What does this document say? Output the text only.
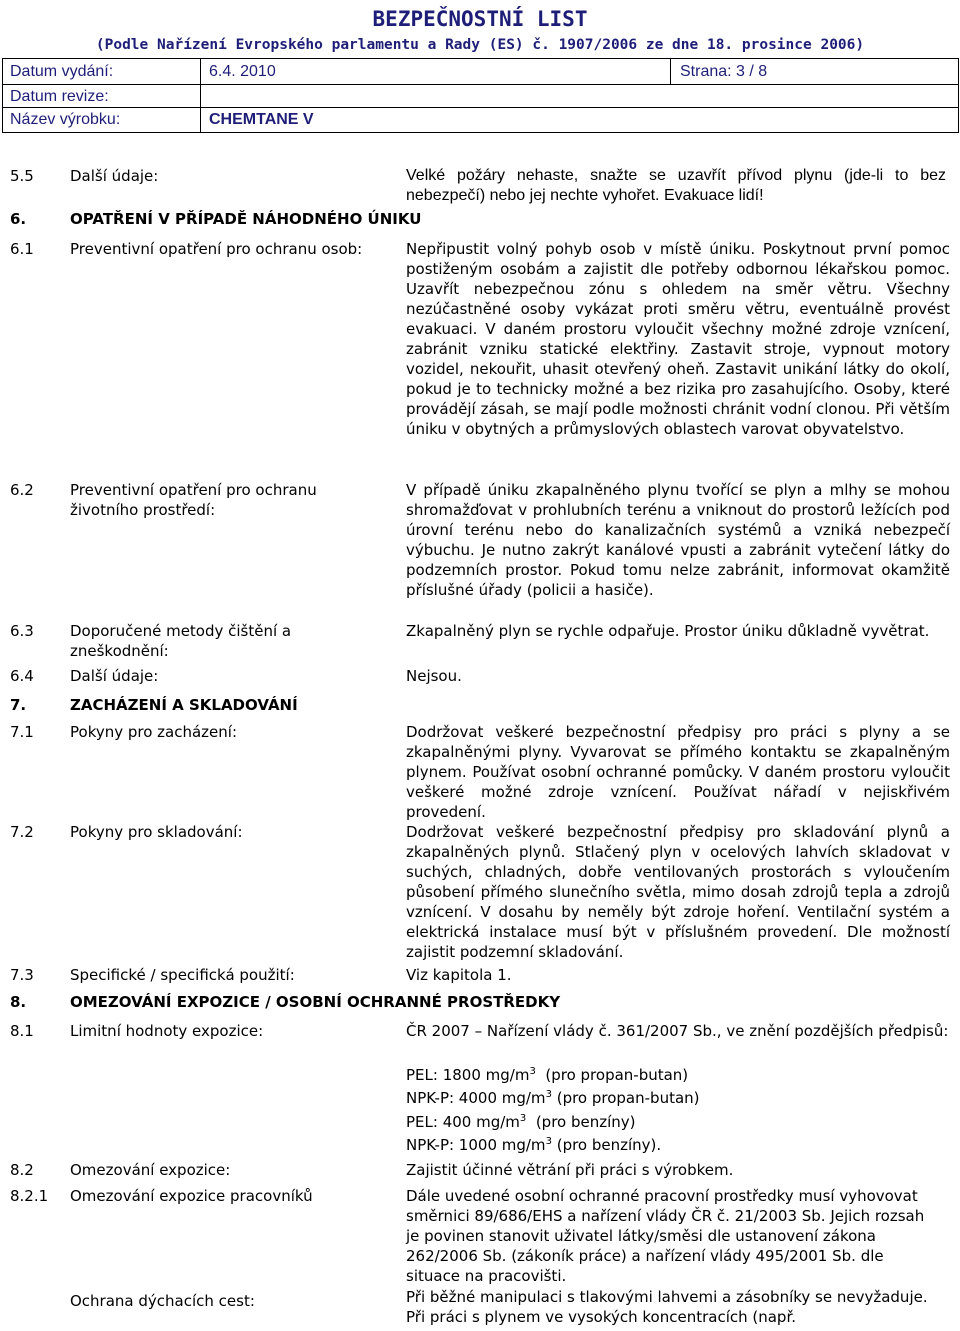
BEZPEČNOSTNÍ LIST
(Podle Nařízení Evropského parlamentu a Rady (ES) č. 1907/2006 ze dne 18. prosince 2006)
Datum vydání:	6.4. 2010	Strana: 3 / 8
Datum revize:
Název výrobku:	CHEMTANE V
5.5 Další údaje:	Velké požáry nehaste, snažte se uzavřít přívod plynu (jde-li to bez nebezpečí) nebo jej nechte vyhořet. Evakuace lidí!
6.	OPATŘENÍ V PŘÍPADĚ NÁHODNÉHO ÚNIKU
6.1 Preventivní opatření pro ochranu osob:	Nepřipustit volný pohyb osob v místě úniku. Poskytnout první pomoc postiženým osobám a zajistit dle potřeby odbornou lékařskou pomoc. Uzavřít nebezpečnou zónu s ohledem na směr větru. Všechny nezúčastněné osoby vykázat proti směru větru, eventuálně provést evakuaci. V daném prostoru vyloučit všechny možné zdroje vznícení, zabránit vzniku statické elektřiny. Zastavit stroje, vypnout motory vozidel, nekouřit, uhasit otevřený oheň. Zastavit unikání látky do okolí, pokud je to technicky možné a bez rizika pro zasahujícího. Osoby, které provádějí zásah, se mají podle možnosti chránit vodní clonou. Při větším úniku v obytných a průmyslových oblastech varovat obyvatelstvo.
6.2 Preventivní opatření pro ochranu životního prostředí:
V případě úniku zkapalněného plynu tvořící se plyn a mlhy se mohou shromažďovat v prohlubních terénu a vniknout do prostorů ležících pod úrovní terénu nebo do kanalizačních systémů a vzniká nebezpečí výbuchu. Je nutno zakrýt kanálové vpusti a zabránit vytečení látky do podzemních prostor. Pokud tomu nelze zabránit, informovat okamžitě příslušné úřady (policii a hasiče).
6.3 Doporučené metody čištění a zneškodnění:
Zkapalněný plyn se rychle odpařuje. Prostor úniku důkladně vyvětrat.
6.4 Další údaje:	Nejsou.
7.	ZACHÁZENÍ A SKLADOVÁNÍ
7.1 Pokyny pro zacházení:	Dodržovat veškeré bezpečnostní předpisy pro práci s plyny a se zkapalněnými plyny. Vyvarovat se přímého kontaktu se zkapalněným plynem. Používat osobní ochranné pomůcky. V daném prostoru vyloučit veškeré možné zdroje vznícení. Používat nářadí v nejiskřivém provedení.
7.2 Pokyny pro skladování:	Dodržovat veškeré bezpečnostní předpisy pro skladování plynů a zkapalněných plynů. Stlačený plyn v ocelových lahvích skladovat v suchých, chladných, dobře ventilovaných prostorách s vyloučením působení přímého slunečního světla, mimo dosah zdrojů tepla a zdrojů vznícení. V dosahu by neměly být zdroje hoření. Ventilační systém a elektrická instalace musí být v příslušném provedení. Dle možností zajistit podzemní skladování.
7.3 Specifické / specifická použití:	Viz kapitola 1.
8.	OMEZOVÁNÍ EXPOZICE / OSOBNÍ OCHRANNÉ PROSTŘEDKY
8.1 Limitní hodnoty expozice:	ČR 2007 – Nařízení vlády č. 361/2007 Sb., ve znění pozdějších předpisů:
PEL: 1800 $mg/m^3$ (pro propan-butan)
NPK-P: 4000 $mg/m^3$ (pro propan-butan)
PEL: 400 $mg/m^3$ (pro benzíny)
NPK-P: 1000 $mg/m^3$ (pro benzíny).
8.2 Omezování expozice:	Zajistit účinné větrání při práci s výrobkem.
8.2.1 Omezování expozice pracovníků	Dále uvedené osobní ochranné pracovní prostředky musí vyhovovat směrnici 89/686/EHS a nařízení vlády ČR č. 21/2003 Sb. Jejich rozsah je povinen stanovit uživatel látky/směsi dle ustanovení zákona 262/2006 Sb. (zákoník práce) a nařízení vlády 495/2001 Sb. dle situace na pracovišti.
Ochrana dýchacích cest:	Při běžné manipulaci s tlakovými lahvemi a zásobníky se nevyžaduje. Při práci s plynem ve vysokých koncentracích (např.
